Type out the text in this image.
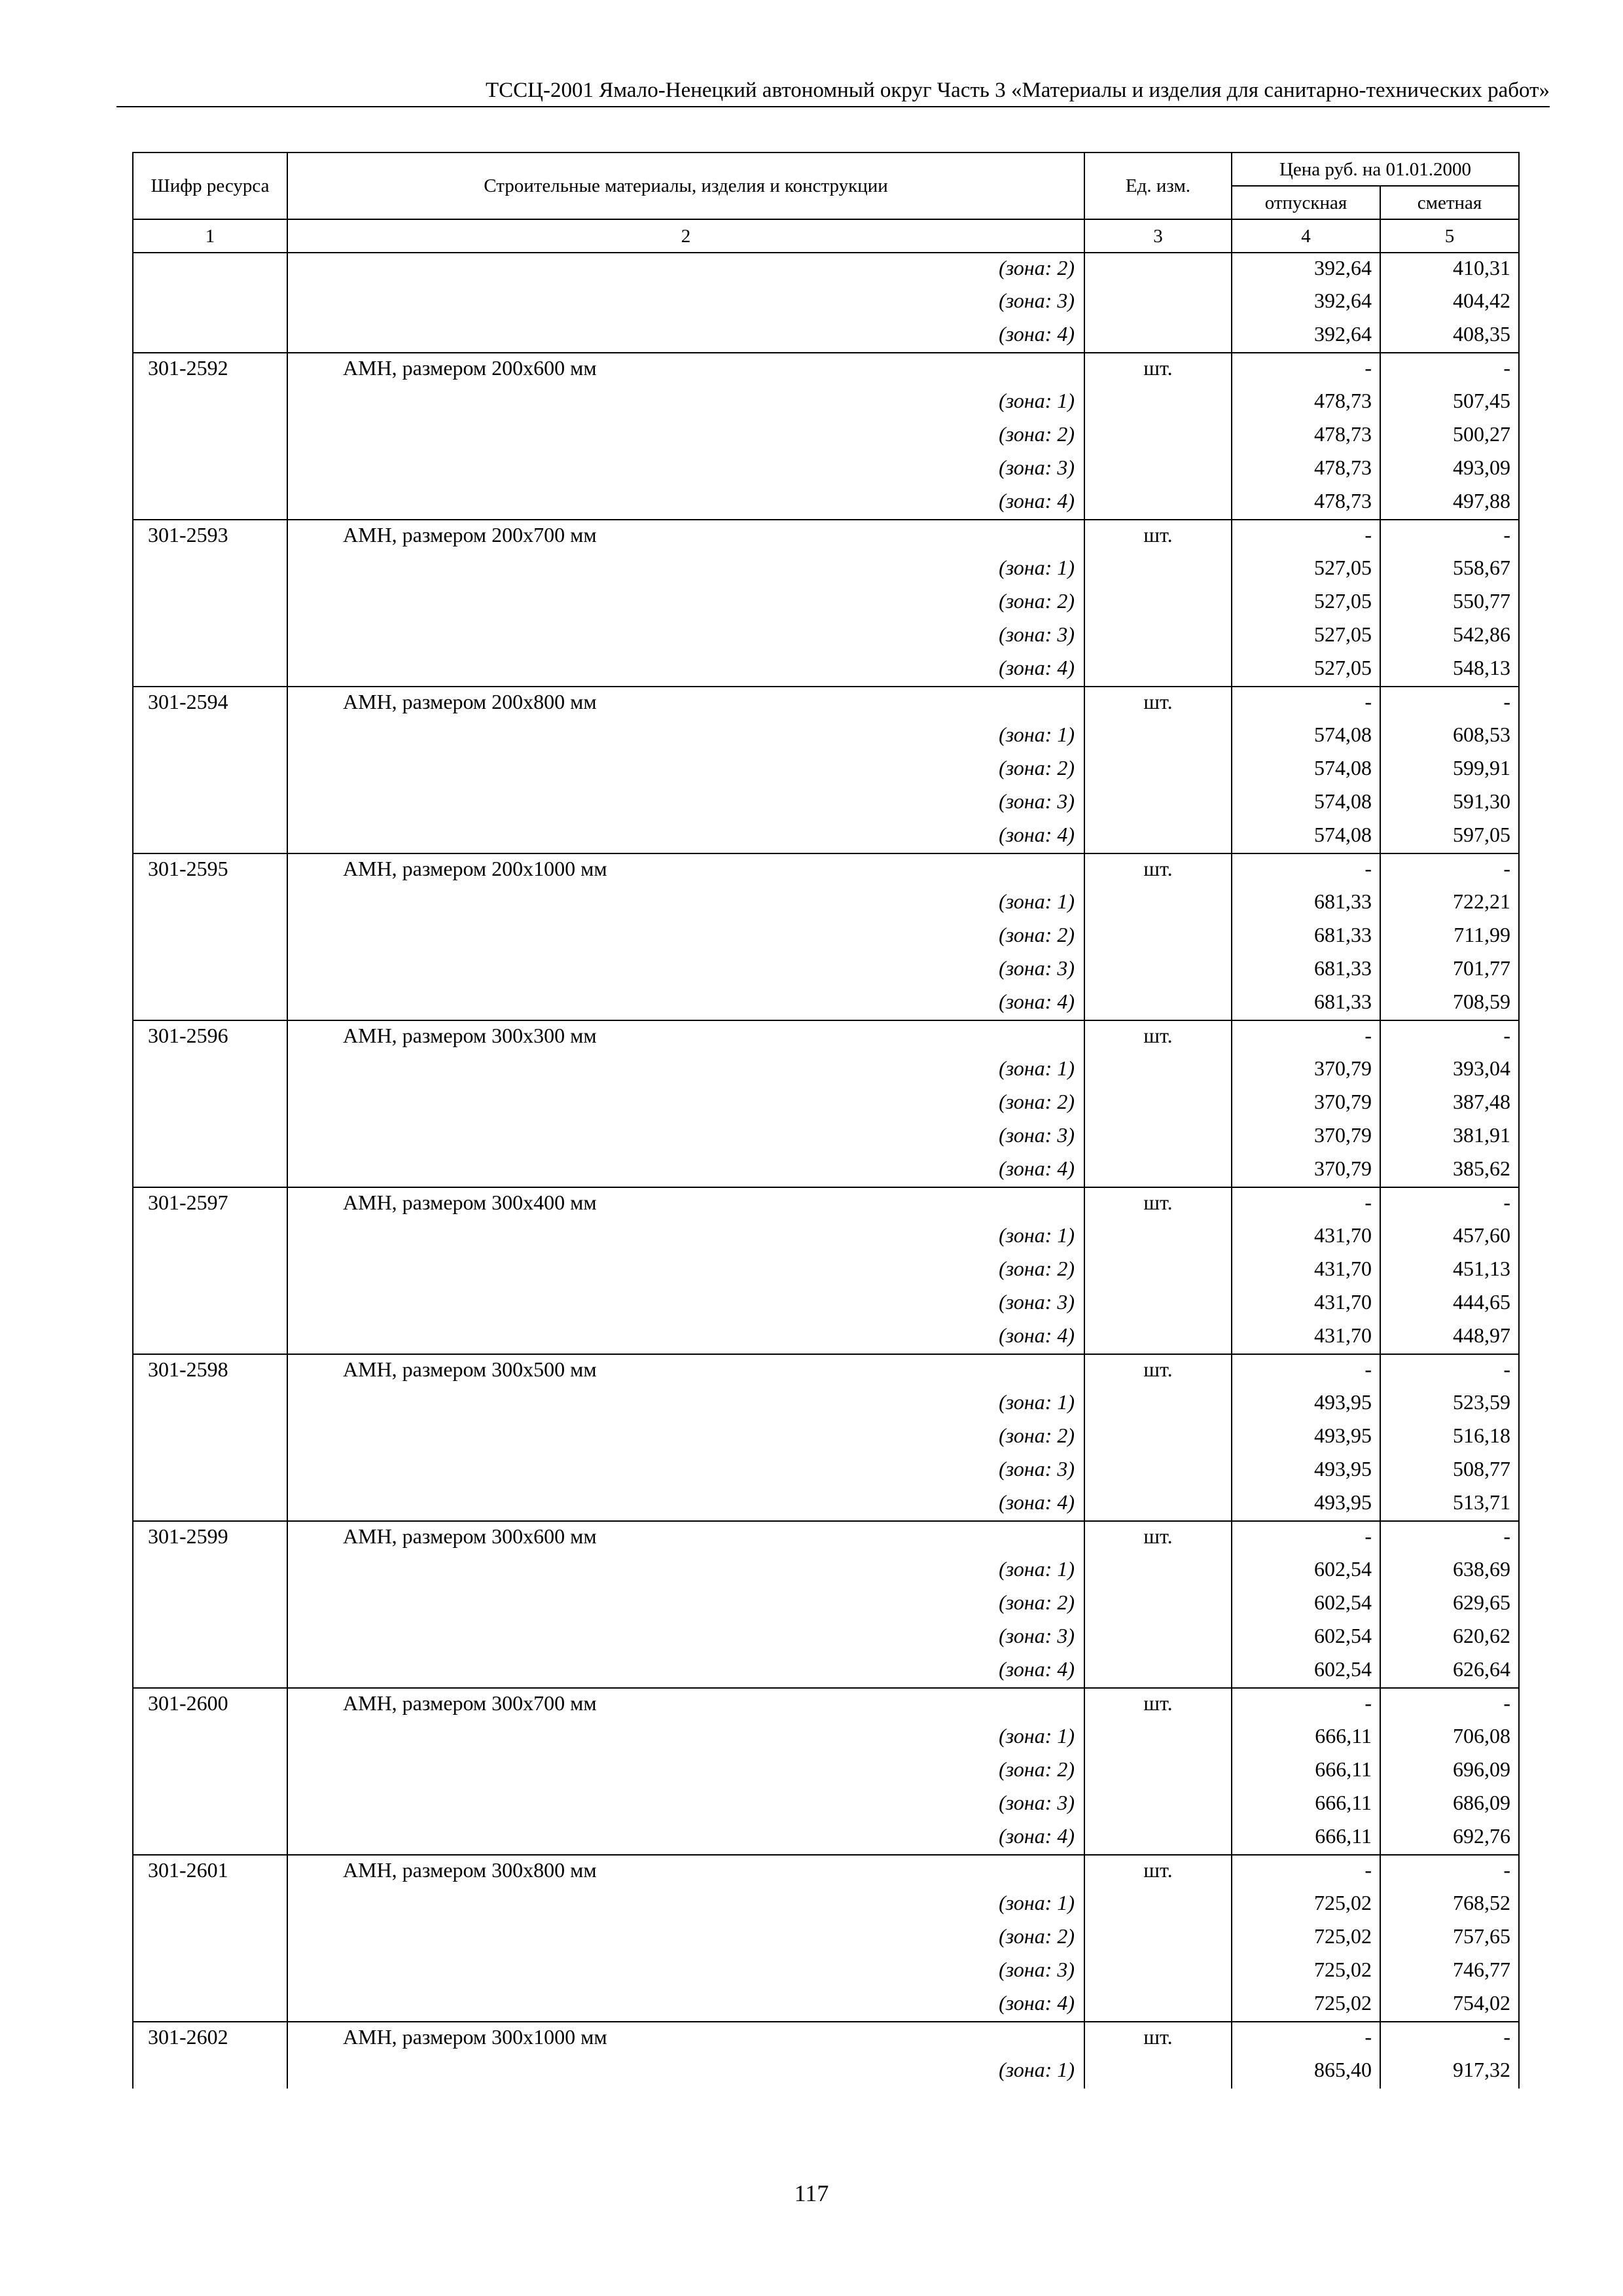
ТССЦ-2001 Ямало-Ненецкий автономный округ Часть 3 «Материалы и изделия для санитарно-технических работ»
Шифр ресурса	Строительные материалы, изделия и конструкции	Ед. изм.	Цена руб. на 01.01.2000	
			отпускная	сметная
1	2	3	4	5
	(зона: 2)		392,64	410,31
	(зона: 3)		392,64	404,42
	(зона: 4)		392,64	408,35
301-2592	АМН, размером 200х600 мм	шт.	-	-
	(зона: 1)		478,73	507,45
	(зона: 2)		478,73	500,27
	(зона: 3)		478,73	493,09
	(зона: 4)		478,73	497,88
301-2593	АМН, размером 200х700 мм	шт.	-	-
	(зона: 1)		527,05	558,67
	(зона: 2)		527,05	550,77
	(зона: 3)		527,05	542,86
	(зона: 4)		527,05	548,13
301-2594	АМН, размером 200х800 мм	шт.	-	-
	(зона: 1)		574,08	608,53
	(зона: 2)		574,08	599,91
	(зона: 3)		574,08	591,30
	(зона: 4)		574,08	597,05
301-2595	АМН, размером 200х1000 мм	шт.	-	-
	(зона: 1)		681,33	722,21
	(зона: 2)		681,33	711,99
	(зона: 3)		681,33	701,77
	(зона: 4)		681,33	708,59
301-2596	АМН, размером 300х300 мм	шт.	-	-
	(зона: 1)		370,79	393,04
	(зона: 2)		370,79	387,48
	(зона: 3)		370,79	381,91
	(зона: 4)		370,79	385,62
301-2597	АМН, размером 300х400 мм	шт.	-	-
	(зона: 1)		431,70	457,60
	(зона: 2)		431,70	451,13
	(зона: 3)		431,70	444,65
	(зона: 4)		431,70	448,97
301-2598	АМН, размером 300х500 мм	шт.	-	-
	(зона: 1)		493,95	523,59
	(зона: 2)		493,95	516,18
	(зона: 3)		493,95	508,77
	(зона: 4)		493,95	513,71
301-2599	АМН, размером 300х600 мм	шт.	-	-
	(зона: 1)		602,54	638,69
	(зона: 2)		602,54	629,65
	(зона: 3)		602,54	620,62
	(зона: 4)		602,54	626,64
301-2600	АМН, размером 300х700 мм	шт.	-	-
	(зона: 1)		666,11	706,08
	(зона: 2)		666,11	696,09
	(зона: 3)		666,11	686,09
	(зона: 4)		666,11	692,76
301-2601	АМН, размером 300х800 мм	шт.	-	-
	(зона: 1)		725,02	768,52
	(зона: 2)		725,02	757,65
	(зона: 3)		725,02	746,77
	(зона: 4)		725,02	754,02
301-2602	АМН, размером 300х1000 мм	шт.	-	-
	(зона: 1)		865,40	917,32
117
